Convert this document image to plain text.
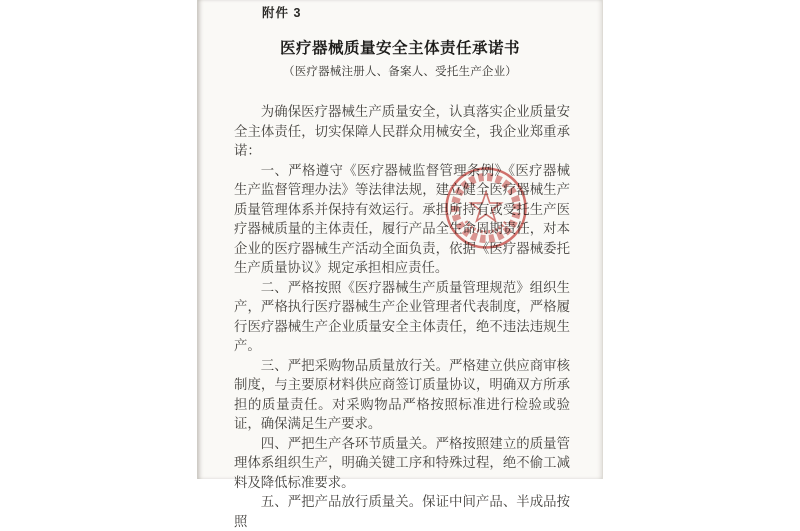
附件 3
医疗器械质量安全主体责任承诺书
（医疗器械注册人、备案人、受托生产企业）

为确保医疗器械生产质量安全，认真落实企业质量安全主体责任，切实保障人民群众用械安全，我企业郑重承诺：

一、严格遵守《医疗器械监督管理条例》《医疗器械生产监督管理办法》等法律法规，建立健全医疗器械生产质量管理体系并保持有效运行。承担所持有或受托生产医疗器械质量的主体责任，履行产品全生命周期责任，对本企业的医疗器械生产活动全面负责，依据《医疗器械委托生产质量协议》规定承担相应责任。

二、严格按照《医疗器械生产质量管理规范》组织生产，严格执行医疗器械生产企业管理者代表制度，严格履行医疗器械生产企业质量安全主体责任，绝不违法违规生产。

三、严把采购物品质量放行关。严格建立供应商审核制度，与主要原材料供应商签订质量协议，明确双方所承担的质量责任。对采购物品严格按照标准进行检验或验证，确保满足生产要求。

四、严把生产各环节质量关。严格按照建立的质量管理体系组织生产，明确关键工序和特殊过程，绝不偷工减料及降低标准要求。

五、严把产品放行质量关。保证中间产品、半成品按照
